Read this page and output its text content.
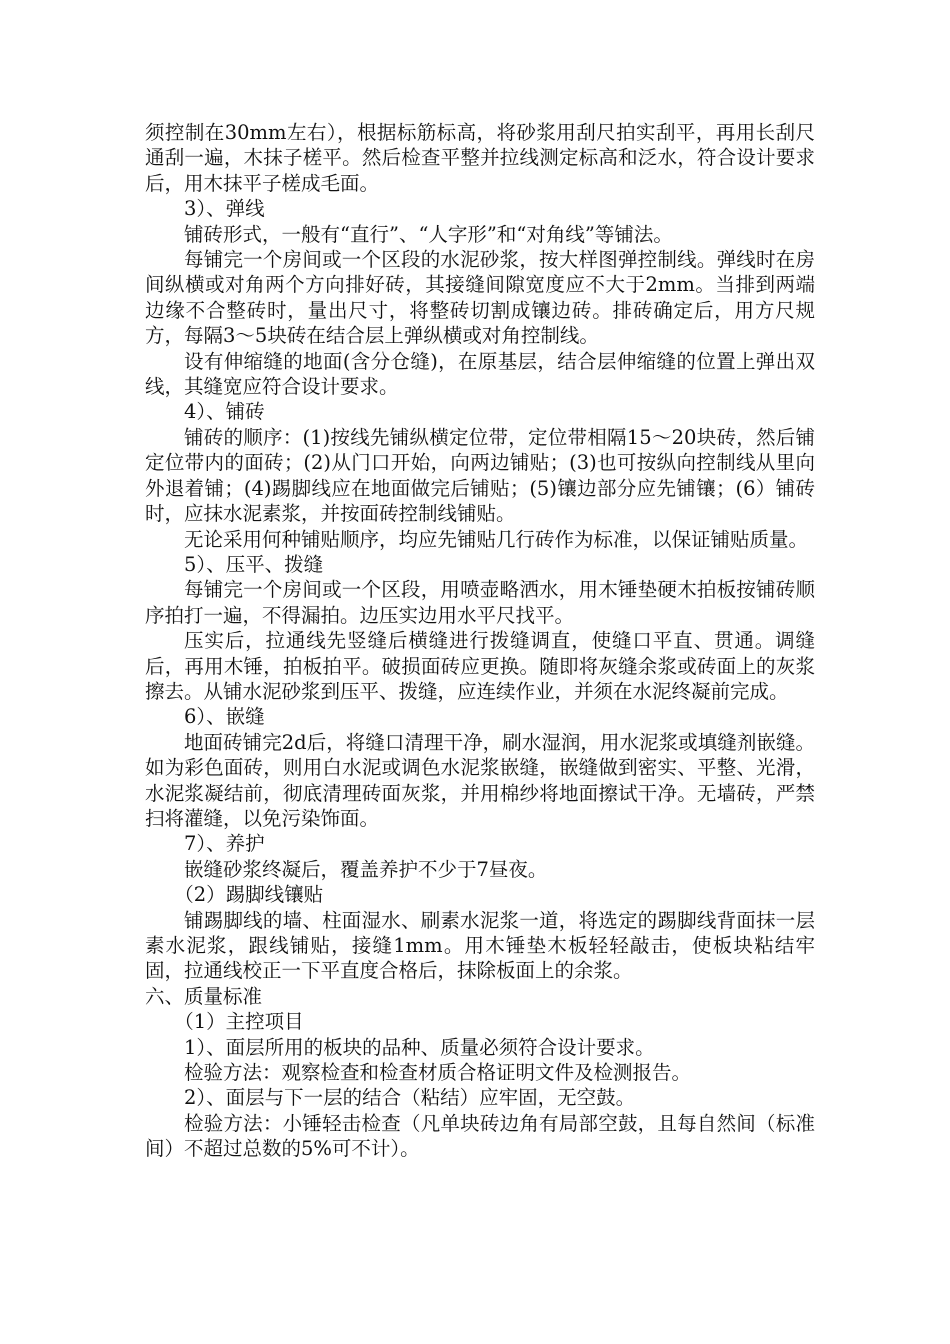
须控制在30mm左右），根据标筋标高，将砂浆用刮尺拍实刮平，再用长刮尺通刮一遍，木抹子槎平。然后检查平整并拉线测定标高和泛水，符合设计要求后，用木抹平子槎成毛面。

3）、弹线

铺砖形式，一般有“直行”、“人字形”和“对角线”等铺法。

每铺完一个房间或一个区段的水泥砂浆，按大样图弹控制线。弹线时在房间纵横或对角两个方向排好砖，其接缝间隙宽度应不大于2mm。当排到两端边缘不合整砖时，量出尺寸，将整砖切割成镶边砖。排砖确定后，用方尺规方，每隔3～5块砖在结合层上弹纵横或对角控制线。

设有伸缩缝的地面(含分仓缝)，在原基层，结合层伸缩缝的位置上弹出双线，其缝宽应符合设计要求。

4）、铺砖

铺砖的顺序：(1)按线先铺纵横定位带，定位带相隔15～20块砖，然后铺定位带内的面砖；(2)从门口开始，向两边铺贴；(3)也可按纵向控制线从里向外退着铺；(4)踢脚线应在地面做完后铺贴；(5)镶边部分应先铺镶；(6）铺砖时，应抹水泥素浆，并按面砖控制线铺贴。

无论采用何种铺贴顺序，均应先铺贴几行砖作为标准，以保证铺贴质量。

5）、压平、拨缝

每铺完一个房间或一个区段，用喷壶略洒水，用木锤垫硬木拍板按铺砖顺序拍打一遍，不得漏拍。边压实边用水平尺找平。

压实后，拉通线先竖缝后横缝进行拨缝调直，使缝口平直、贯通。调缝后，再用木锤，拍板拍平。破损面砖应更换。随即将灰缝余浆或砖面上的灰浆擦去。从铺水泥砂浆到压平、拨缝，应连续作业，并须在水泥终凝前完成。

6）、嵌缝

地面砖铺完2d后，将缝口清理干净，刷水湿润，用水泥浆或填缝剂嵌缝。如为彩色面砖，则用白水泥或调色水泥浆嵌缝，嵌缝做到密实、平整、光滑，水泥浆凝结前，彻底清理砖面灰浆，并用棉纱将地面擦试干净。无墙砖，严禁扫将灌缝，以免污染饰面。

7）、养护

嵌缝砂浆终凝后，覆盖养护不少于7昼夜。

（2）踢脚线镶贴

铺踢脚线的墙、柱面湿水、刷素水泥浆一道，将选定的踢脚线背面抹一层素水泥浆，跟线铺贴，接缝1mm。用木锤垫木板轻轻敲击，使板块粘结牢固，拉通线校正一下平直度合格后，抹除板面上的余浆。

六、质量标准

（1）主控项目

1）、面层所用的板块的品种、质量必须符合设计要求。

检验方法：观察检查和检查材质合格证明文件及检测报告。

2）、面层与下一层的结合（粘结）应牢固，无空鼓。

检验方法：小锤轻击检查（凡单块砖边角有局部空鼓，且每自然间（标准间）不超过总数的5%可不计）。
